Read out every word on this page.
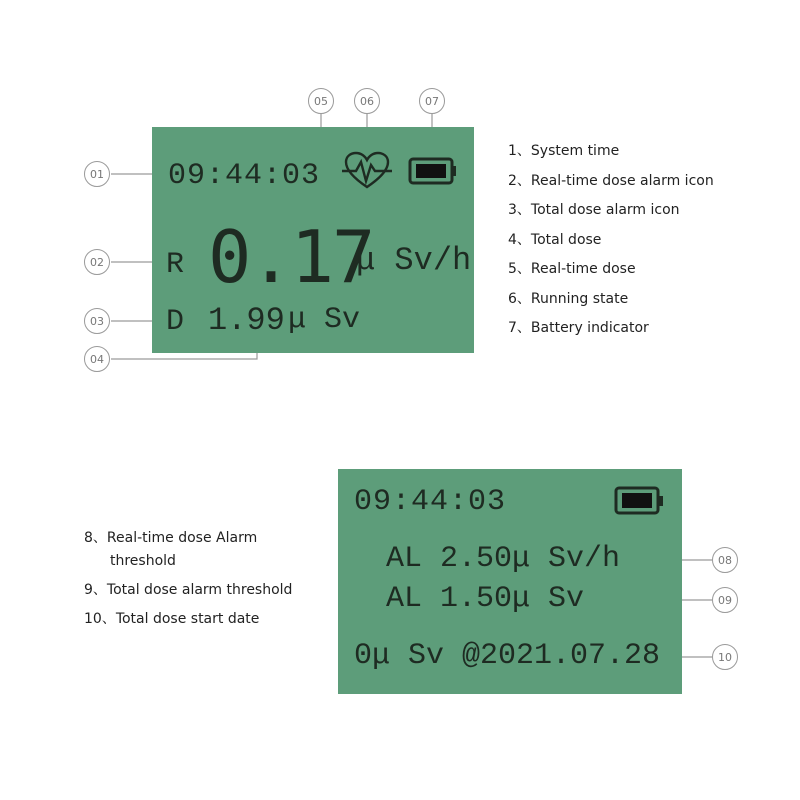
09:44:03
R 0.17
μ Sv/h
D 1.99 μ Sv
09:44:03
AL 2.50μ Sv/h
AL 1.50μ Sv
0μ Sv @2021.07.28
01
02
03
04
05	06	07
08
09
10
1、System time
2、Real-time dose alarm icon
3、Total dose alarm icon
4、Total dose
5、Real-time dose
6、Running state
7、Battery indicator
8、Real-time dose Alarm threshold
9、Total dose alarm threshold
10、Total dose start date
